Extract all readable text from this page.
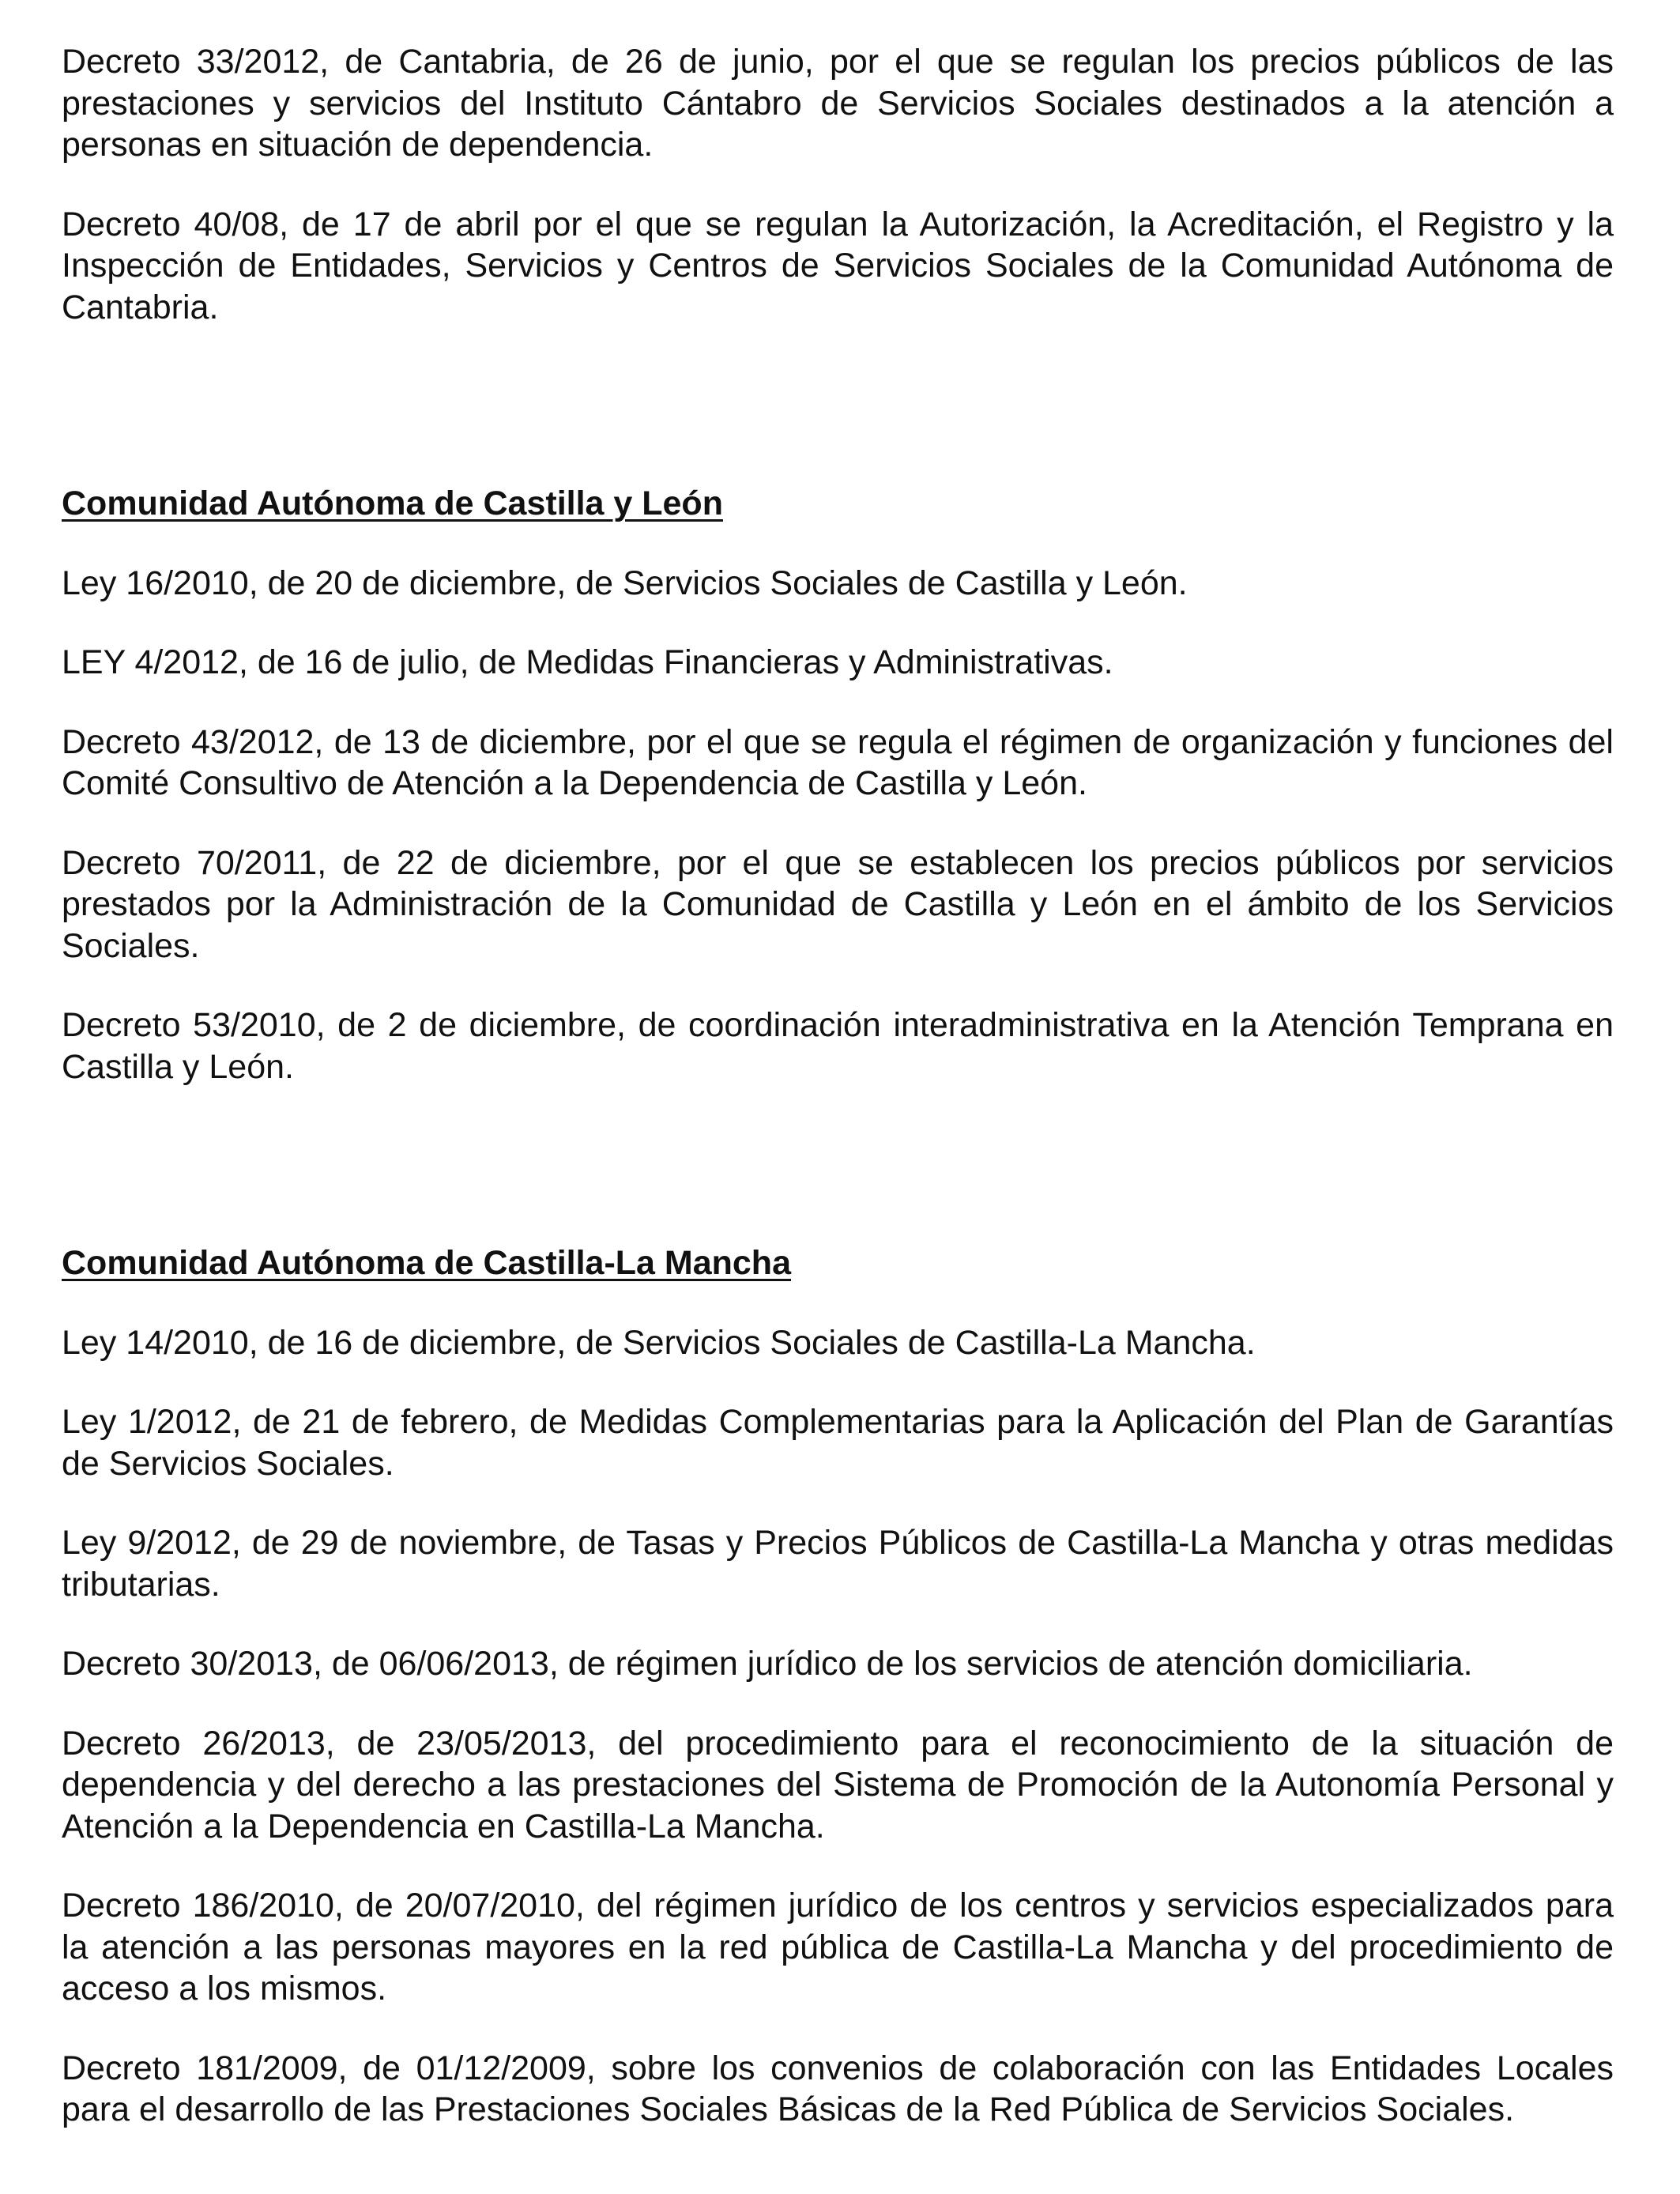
Decreto 33/2012, de Cantabria, de 26 de junio, por el que se regulan los precios públicos de las prestaciones y servicios del Instituto Cántabro de Servicios Sociales destinados a la atención a personas en situación de dependencia.

Decreto 40/08, de 17 de abril por el que se regulan la Autorización, la Acreditación, el Registro y la Inspección de Entidades, Servicios y Centros de Servicios Sociales de la Comunidad Autónoma de Cantabria.

Comunidad Autónoma de Castilla y León

Ley 16/2010, de 20 de diciembre, de Servicios Sociales de Castilla y León.

LEY 4/2012, de 16 de julio, de Medidas Financieras y Administrativas.

Decreto 43/2012, de 13 de diciembre, por el que se regula el régimen de organización y funciones del Comité Consultivo de Atención a la Dependencia de Castilla y León.

Decreto 70/2011, de 22 de diciembre, por el que se establecen los precios públicos por servicios prestados por la Administración de la Comunidad de Castilla y León en el ámbito de los Servicios Sociales.

Decreto 53/2010, de 2 de diciembre, de coordinación interadministrativa en la Atención Temprana en Castilla y León.

Comunidad Autónoma de Castilla-La Mancha

Ley 14/2010, de 16 de diciembre, de Servicios Sociales de Castilla-La Mancha.

Ley 1/2012, de 21 de febrero, de Medidas Complementarias para la Aplicación del Plan de Garantías de Servicios Sociales.

Ley 9/2012, de 29 de noviembre, de Tasas y Precios Públicos de Castilla-La Mancha y otras medidas tributarias.

Decreto 30/2013, de 06/06/2013, de régimen jurídico de los servicios de atención domiciliaria.

Decreto 26/2013, de 23/05/2013, del procedimiento para el reconocimiento de la situación de dependencia y del derecho a las prestaciones del Sistema de Promoción de la Autonomía Personal y Atención a la Dependencia en Castilla-La Mancha.

Decreto 186/2010, de 20/07/2010, del régimen jurídico de los centros y servicios especializados para la atención a las personas mayores en la red pública de Castilla-La Mancha y del procedimiento de acceso a los mismos.

Decreto 181/2009, de 01/12/2009, sobre los convenios de colaboración con las Entidades Locales para el desarrollo de las Prestaciones Sociales Básicas de la Red Pública de Servicios Sociales.
